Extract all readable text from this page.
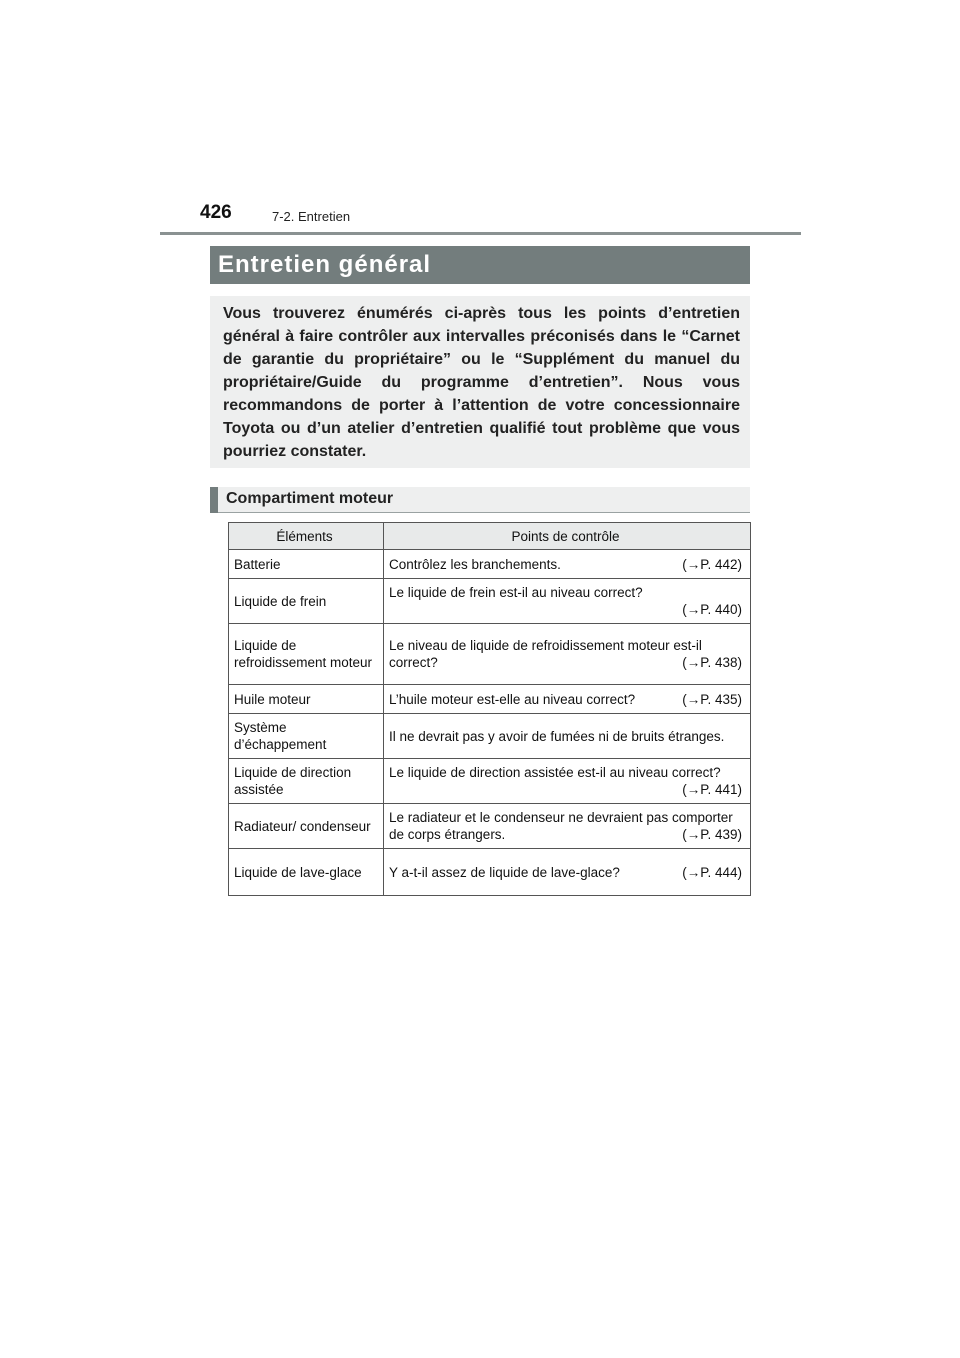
426	7-2. Entretien
Entretien général

Vous trouverez énumérés ci-après tous les points d’entretien général à faire contrôler aux intervalles préconisés dans le “Carnet de garantie du propriétaire” ou le “Supplément du manuel du propriétaire/Guide du programme d’entretien”. Nous vous recommandons de porter à l’attention de votre concessionnaire Toyota ou d’un atelier d’entretien qualifié tout problème que vous pourriez constater.

Compartiment moteur
Éléments	Points de contrôle
Batterie	Contrôlez les branchements. (→P. 442)

Liquide de frein	Le liquide de frein est-il au niveau correct?
(→P. 440)

Liquide de refroidissement moteur	Le niveau de liquide de refroidissement moteur est-il correct? (→P. 438)

Huile moteur	L’huile moteur est-elle au niveau correct? (→P. 435)

Système d’échappement	Il ne devrait pas y avoir de fumées ni de bruits étranges.

Liquide de direction assistée	Le liquide de direction assistée est-il au niveau correct?
(→P. 441)

Radiateur/ condenseur	Le radiateur et le condenseur ne devraient pas comporter de corps étrangers. (→P. 439)

Liquide de lave-glace	Y a-t-il assez de liquide de lave-glace? (→P. 444)
